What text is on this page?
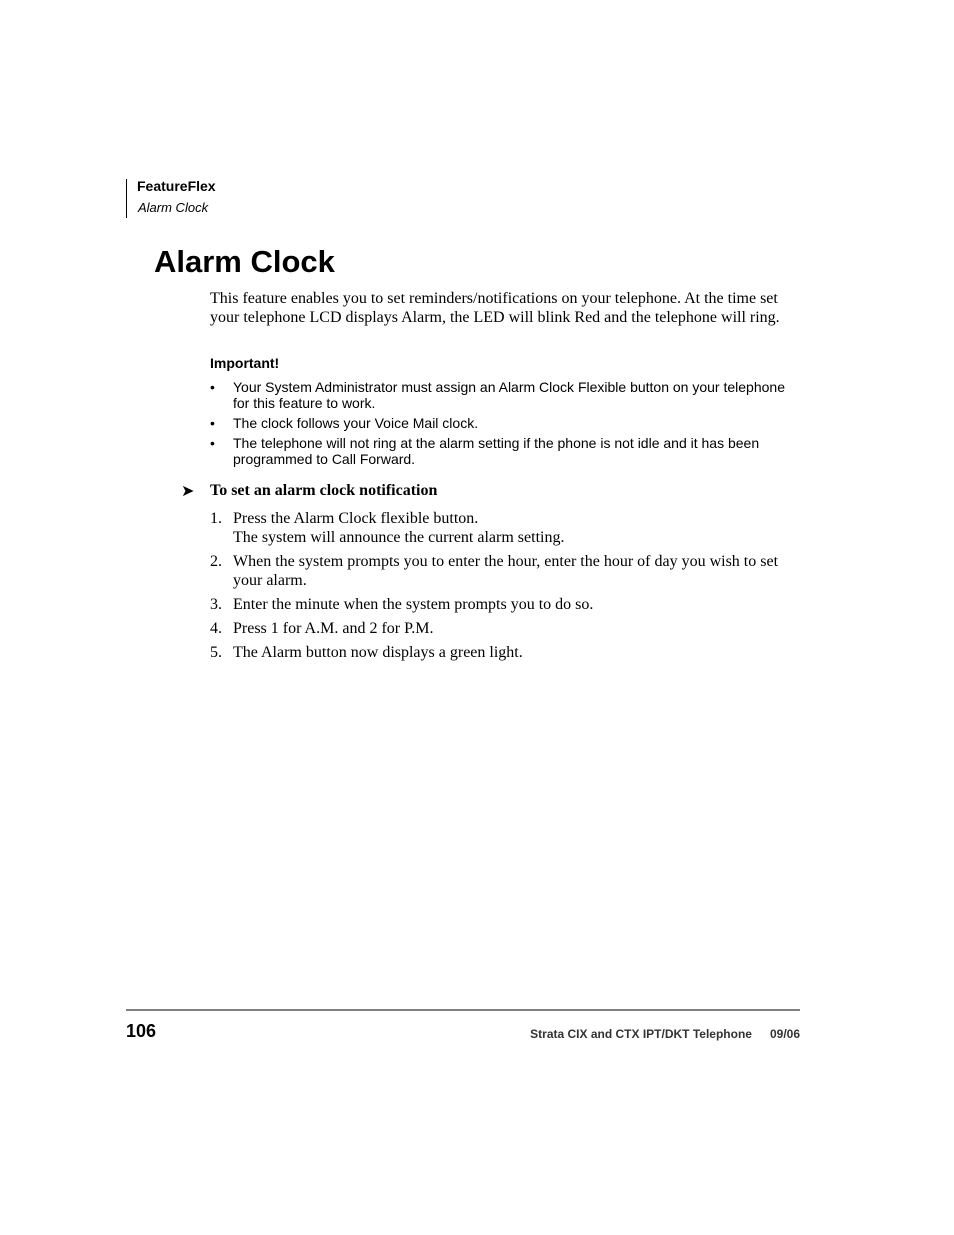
FeatureFlex
Alarm Clock
Alarm Clock

This feature enables you to set reminders/notifications on your telephone. At the time set your telephone LCD displays Alarm, the LED will blink Red and the telephone will ring.

Important!
• Your System Administrator must assign an Alarm Clock Flexible button on your telephone for this feature to work.
• The clock follows your Voice Mail clock.
• The telephone will not ring at the alarm setting if the phone is not idle and it has been programmed to Call Forward.
➤ To set an alarm clock notification
1. Press the Alarm Clock flexible button.
The system will announce the current alarm setting.
2. When the system prompts you to enter the hour, enter the hour of day you wish to set your alarm.
3. Enter the minute when the system prompts you to do so.
4. Press 1 for A.M. and 2 for P.M.
5. The Alarm button now displays a green light.
106	Strata CIX and CTX IPT/DKT Telephone 09/06
